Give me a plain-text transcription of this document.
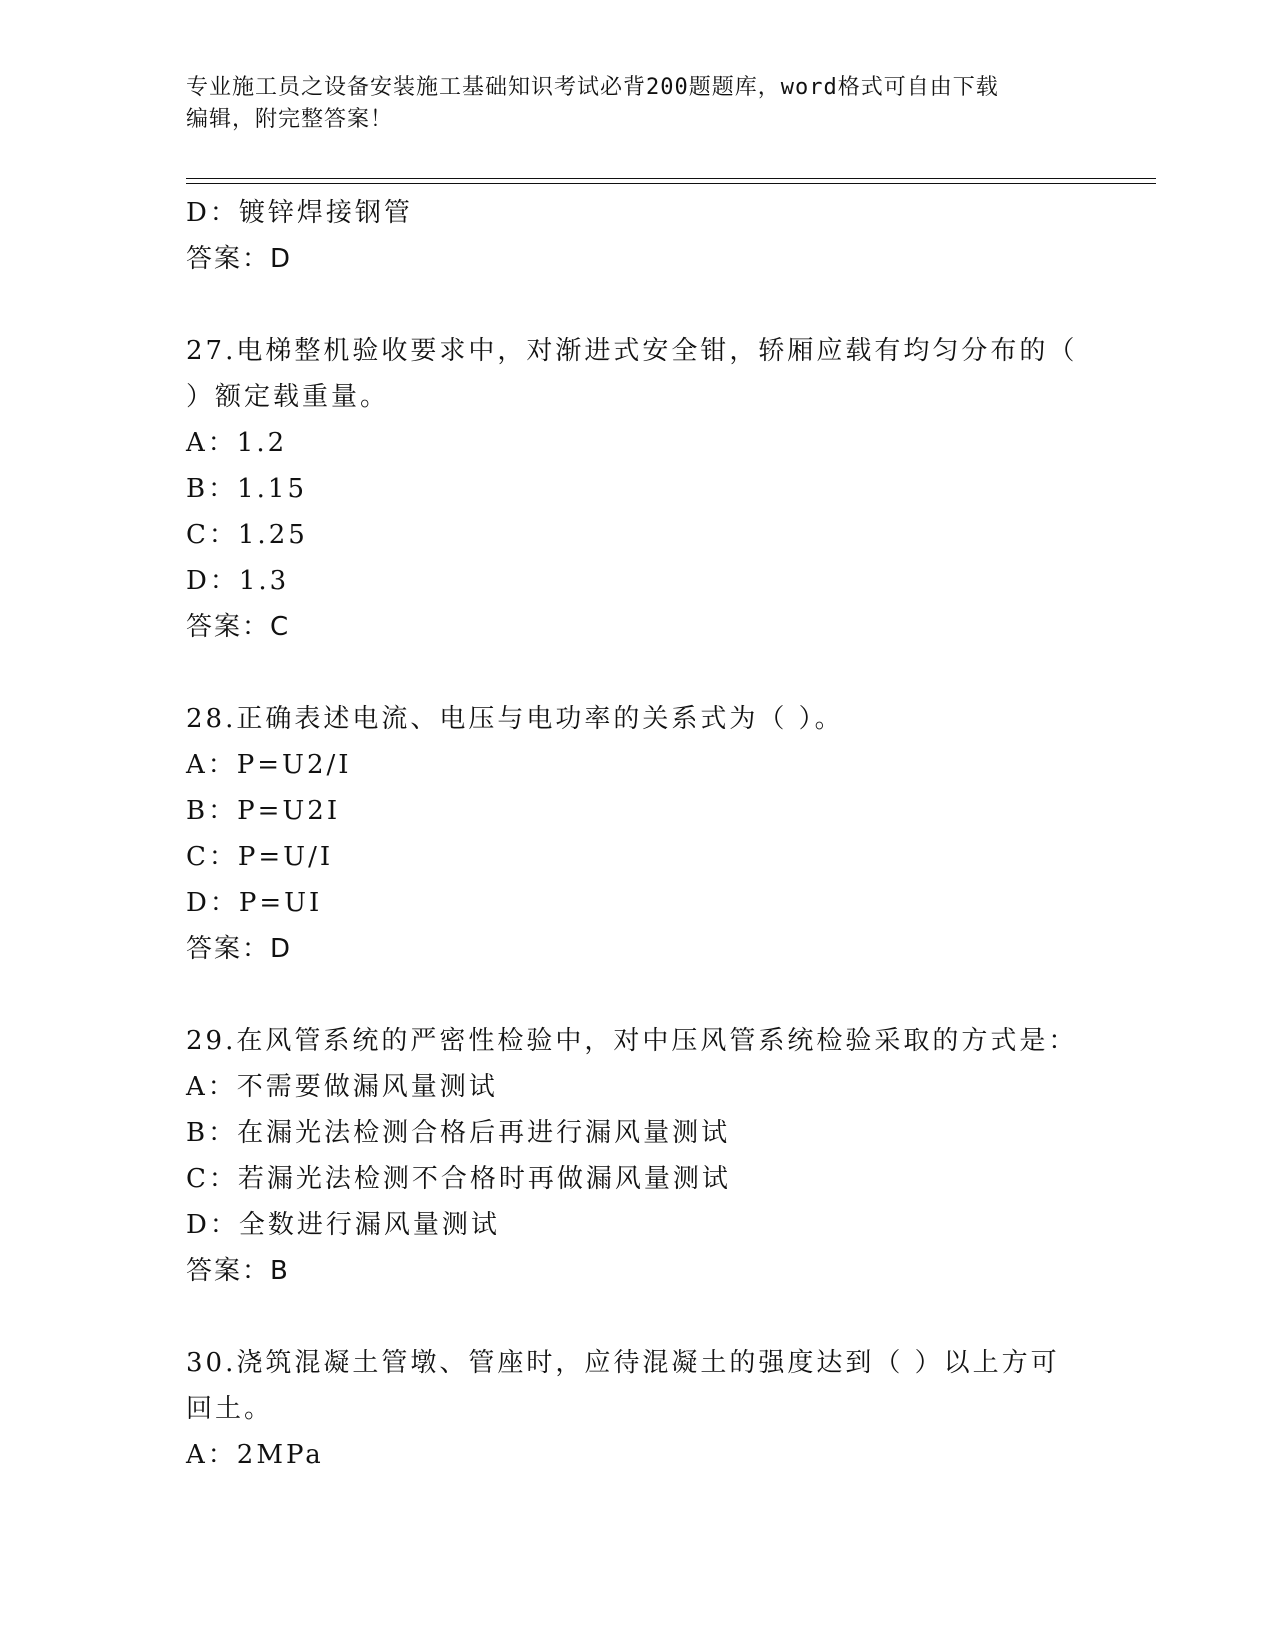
专业施工员之设备安装施工基础知识考试必背200题题库，word格式可自由下载
编辑，附完整答案！
D：镀锌焊接钢管
答案：D
27.电梯整机验收要求中，对渐进式安全钳，轿厢应载有均匀分布的（
）额定载重量。
A：1.2
B：1.15
C：1.25
D：1.3
答案：C
28.正确表述电流、电压与电功率的关系式为（ ）。
A：P=U2/I
B：P=U2I
C：P=U/I
D：P=UI
答案：D
29.在风管系统的严密性检验中，对中压风管系统检验采取的方式是：
A：不需要做漏风量测试
B：在漏光法检测合格后再进行漏风量测试
C：若漏光法检测不合格时再做漏风量测试
D：全数进行漏风量测试
答案：B
30.浇筑混凝土管墩、管座时，应待混凝土的强度达到（ ）以上方可
回土。
A：2MPa
